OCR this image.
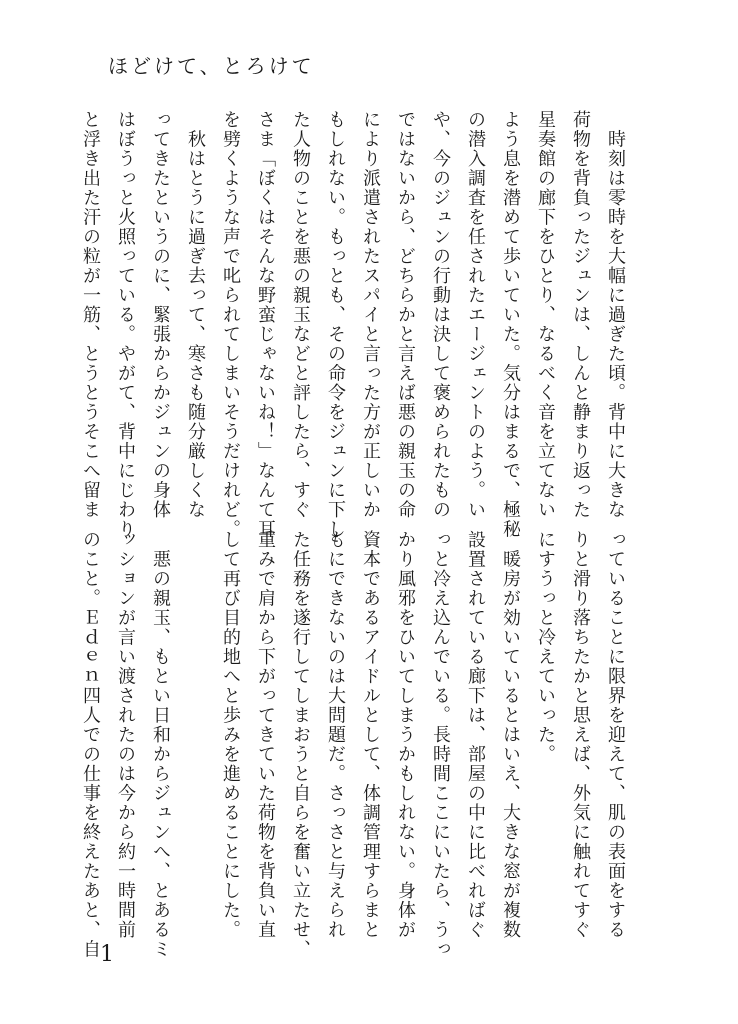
ほどけて、とろけて

　時刻は零時を大幅に過ぎた頃。背中に大きな

荷物を背負ったジュンは、しんと静まり返った

星奏館の廊下をひとり、なるべく音を立てない

よう息を潜めて歩いていた。気分はまるで、極秘

の潜入調査を任されたエージェントのよう。い

や、今のジュンの行動は決して褒められたもの

ではないから、どちらかと言えば悪の親玉の命

により派遣されたスパイと言った方が正しいか

もしれない。もっとも、その命令をジュンに下し

た人物のことを悪の親玉などと評したら、すぐ

さま「ぼくはそんな野蛮じゃないね！」なんて耳

を劈くような声で叱られてしまいそうだけれど。

　秋はとうに過ぎ去って、寒さも随分厳しくな

ってきたというのに、緊張からかジュンの身体

はぼうっと火照っている。やがて、背中にじわり

と浮き出た汗の粒が一筋、とうとうそこへ留ま

っていることに限界を迎えて、肌の表面をする

りと滑り落ちたかと思えば、外気に触れてすぐ

にすうっと冷えていった。

　暖房が効いているとはいえ、大きな窓が複数

設置されている廊下は、部屋の中に比べればぐ

っと冷え込んでいる。長時間ここにいたら、うっ

かり風邪をひいてしまうかもしれない。身体が

資本であるアイドルとして、体調管理すらまと

もにできないのは大問題だ。さっさと与えられ

た任務を遂行してしまおうと自らを奮い立たせ、

重みで肩から下がってきていた荷物を背負い直

して再び目的地へと歩みを進めることにした。

　悪の親玉、もとい日和からジュンへ、とあるミ

ッションが言い渡されたのは今から約一時間前

のこと。Ｅｄｅｎ四人での仕事を終えたあと、自 1
